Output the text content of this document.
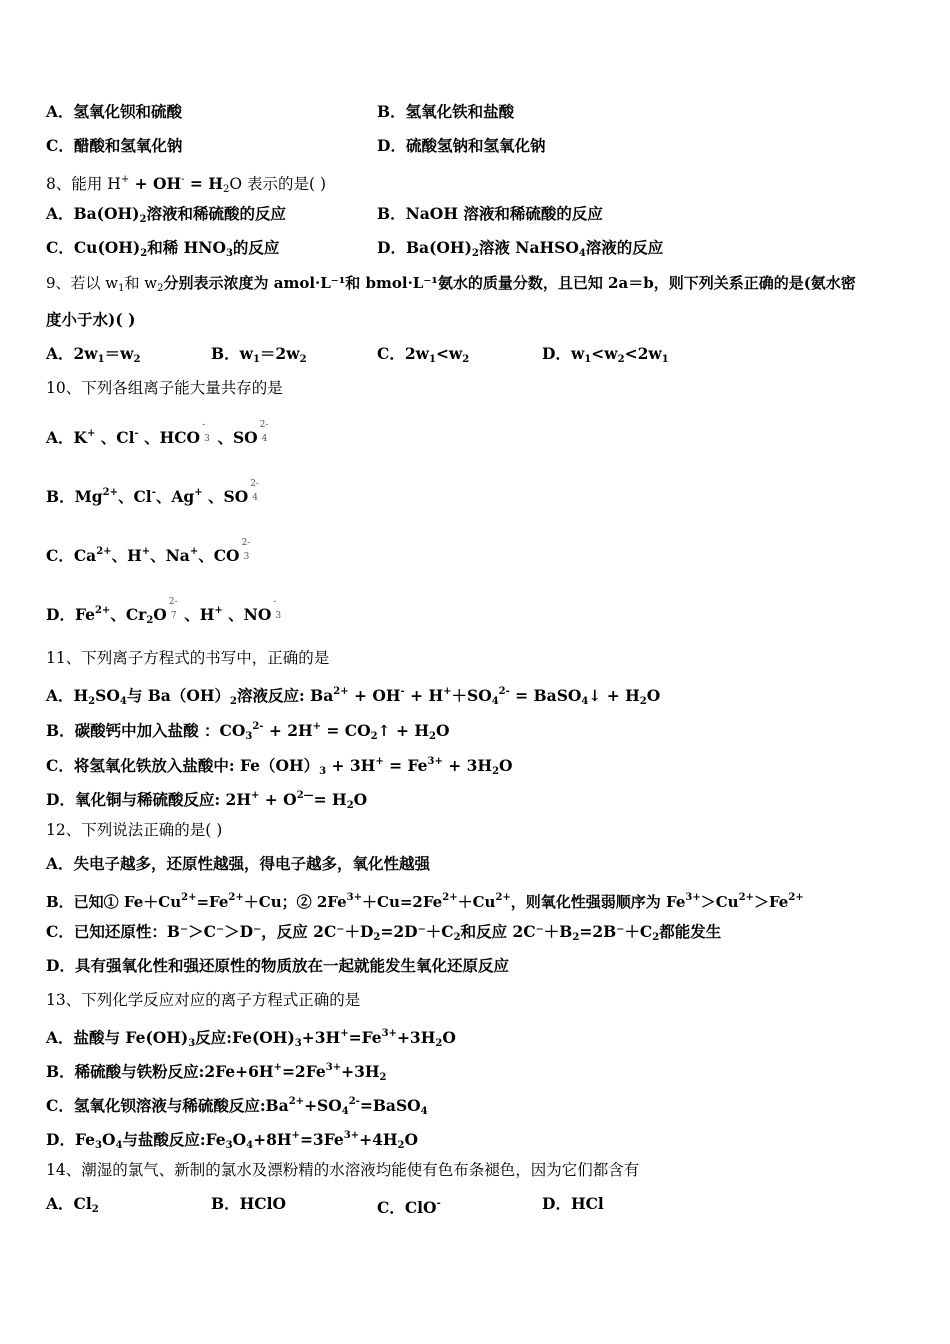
A．氢氧化钡和硫酸	B．氢氧化铁和盐酸
C．醋酸和氢氧化钠	D．硫酸氢钠和氢氧化钠
8、能用 $H^+ + OH^- = H_2O$ 表示的是( )
A．$Ba(OH)_2$溶液和稀硫酸的反应	B．NaOH 溶液和稀硫酸的反应
C．$Cu(OH)_2$和稀 $HNO_3$的反应	D．$Ba(OH)_2$溶液 NaHSO$_4$溶液的反应
9、若以 $w_1$和 $w_2$分别表示浓度为 amol·L⁻¹和 bmol·L⁻¹氨水的质量分数，且已知 2a＝b，则下列关系正确的是(氨水密
度小于水)( )
A．$2w_1=w_2$	B．$w_1=2w_2$	C．$2w_1<w_2$	D．$w_1<w_2<2w_1$
10、下列各组离子能大量共存的是
A．K+ 、Cl- 、HCO
-
3 、SO
2-
4
B．$Mg^{2+}$、Cl-、Ag+ 、SO
2-
4
C．$Ca^{2+}$、H+、Na+、CO
2-
3
D．$Fe^{2+}$、$Cr_2O$
2-
7 、H+ 、NO
-
3
11、下列离子方程式的书写中，正确的是
A．$H_2SO_4$与 $Ba(OH)_2$溶液反应: $Ba^{2+} + OH^- + H^++SO_4^{2-}$ = BaSO$_4$↓ + $H_2O$
B．碳酸钙中加入盐酸 ：$CO_3^{2-} + 2H^+$ = $CO_2↑ + H_2O$
C．将氢氧化铁放入盐酸中: $Fe(OH)_3 + 3H^+ = Fe^{3+} + 3H_2O$
D．氧化铜与稀硫酸反应: $2H^+ + O^{2—}= H_2O$
12、下列说法正确的是( )
A．失电子越多，还原性越强，得电子越多，氧化性越强
B．已知① $Fe+Cu^{2+}=Fe^{2+}+Cu$；② $2Fe^{3+}+Cu=2Fe^{2+}+Cu^{2+}$，则氧化性强弱顺序为 $Fe^{3+}>Cu^{2+}>Fe^{2+}$
C．已知还原性：B⁻＞C⁻＞D⁻，反应 $2C^-+D_2=2D^-+C_2$和反应 $2C^-+B_2=2B^-+C_2$都能发生
D．具有强氧化性和强还原性的物质放在一起就能发生氧化还原反应
13、下列化学反应对应的离子方程式正确的是
A．盐酸与 $Fe(OH)_3$反应$:Fe(OH)_3+3H^+=Fe^{3+}+3H_2O$
B．稀硫酸与铁粉反应$:2Fe+6H^+=2Fe^{3+}+3H_2$
C．氢氧化钡溶液与稀硫酸反应$:Ba^{2+}+SO_4^{2-}=BaSO_4$
D．$Fe_3O_4$与盐酸反应$:Fe_3O_4+8H^+=3Fe^{3+}+4H_2O$
14、潮湿的氯气、新制的氯水及漂粉精的水溶液均能使有色布条褪色，因为它们都含有
A．$Cl_2$	B．HClO	C．ClO-	D．HCl
